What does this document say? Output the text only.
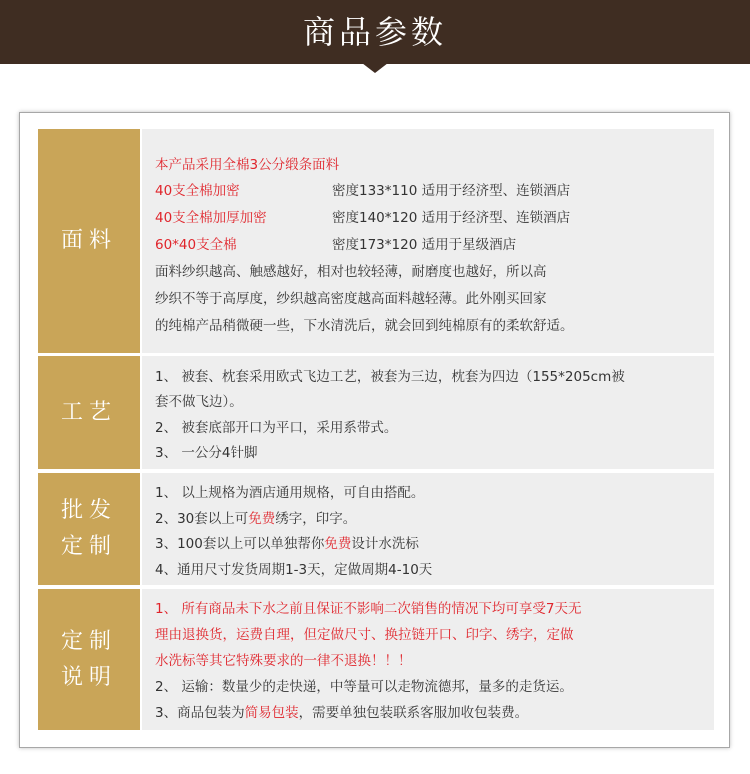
商品参数
面料
本产品采用全棉3公分缎条面料
40支全棉加密	密度133*110 适用于经济型、连锁酒店
40支全棉加厚加密	密度140*120 适用于经济型、连锁酒店
60*40支全棉	密度173*120 适用于星级酒店
面料纱织越高、触感越好，相对也较轻薄，耐磨度也越好，所以高
纱织不等于高厚度，纱织越高密度越高面料越轻薄。此外刚买回家
的纯棉产品稍微硬一些，下水清洗后，就会回到纯棉原有的柔软舒适。
工艺
1、 被套、枕套采用欧式飞边工艺，被套为三边，枕套为四边（155*205cm被
套不做飞边）。
2、 被套底部开口为平口，采用系带式。
3、 一公分4针脚
批发
定制
1、 以上规格为酒店通用规格，可自由搭配。
2、30套以上可免费绣字，印字。
3、100套以上可以单独帮你免费设计水洗标
4、通用尺寸发货周期1-3天，定做周期4-10天
定制
说明
1、 所有商品未下水之前且保证不影响二次销售的情况下均可享受7天无
理由退换货，运费自理，但定做尺寸、换拉链开口、印字、绣字，定做
水洗标等其它特殊要求的一律不退换！！！
2、 运输：数量少的走快递，中等量可以走物流德邦，量多的走货运。
3、商品包装为简易包装，需要单独包装联系客服加收包装费。
